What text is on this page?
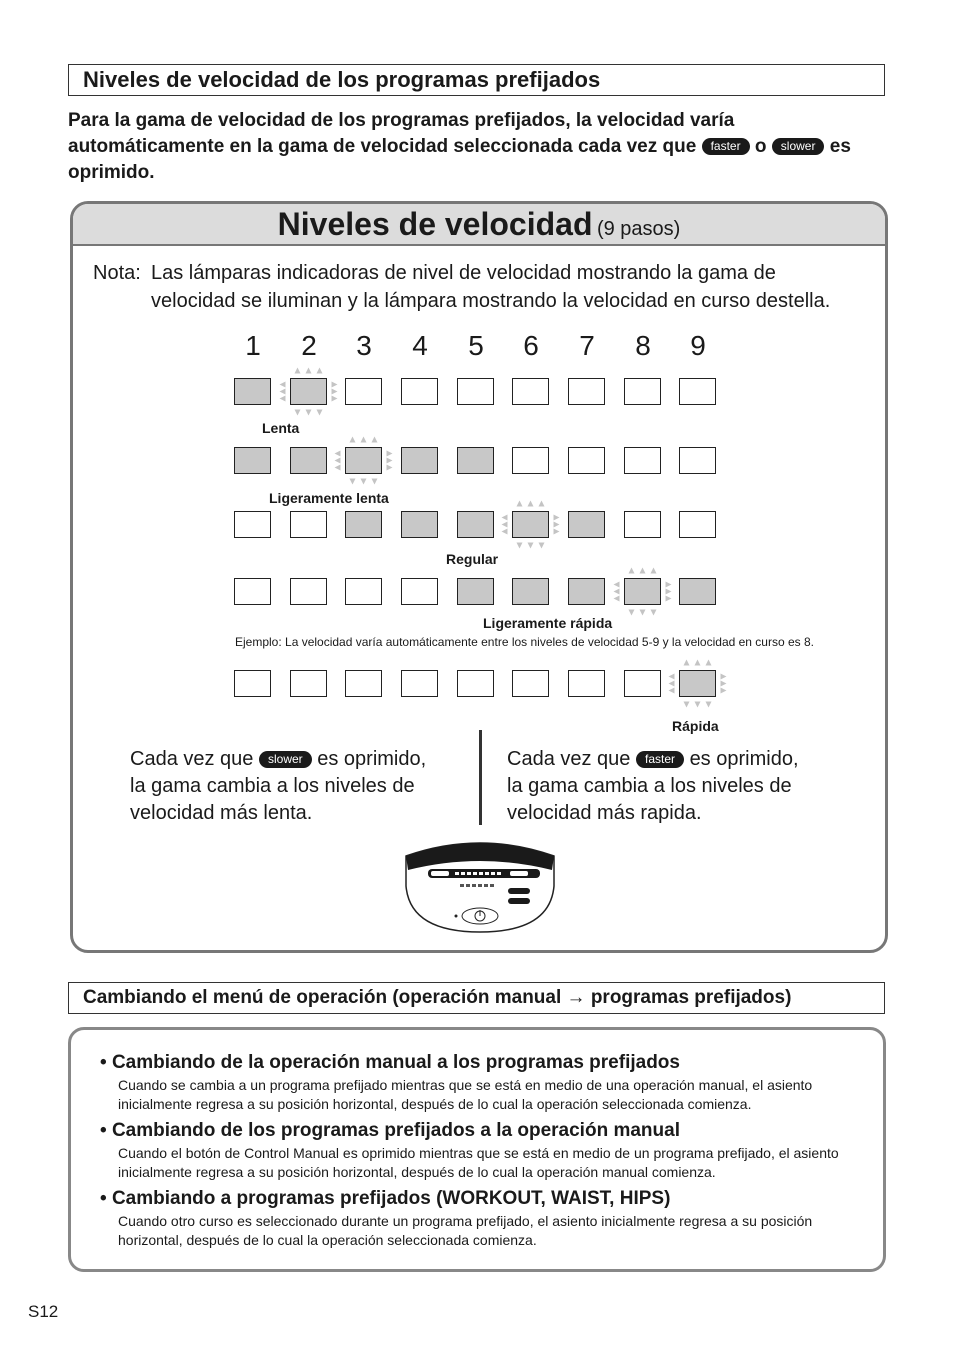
Niveles de velocidad de los programas prefijados
Para la gama de velocidad de los programas prefijados, la velocidad varía automáticamente en la gama de velocidad seleccionada cada vez que faster o slower es oprimido.
Niveles de velocidad (9 pasos)
Nota: Las lámparas indicadoras de nivel de velocidad mostrando la gama de
velocidad se iluminan y la lámpara mostrando la velocidad en curso destella.
1	2	3	4	5	6	7	8	9
Lenta
Ligeramente lenta
Regular
Ligeramente rápida
Ejemplo: La velocidad varía automáticamente entre los niveles de velocidad 5-9 y la velocidad en curso es 8.
Rápida
Cada vez que slower es oprimido,
la gama cambia a los niveles de
velocidad más lenta.
Cada vez que faster es oprimido,
la gama cambia a los niveles de
velocidad más rapida.
Cambiando el menú de operación (operación manual → programas prefijados)
• Cambiando de la operación manual a los programas prefijados
Cuando se cambia a un programa prefijado mientras que se está en medio de una operación manual, el asiento inicialmente regresa a su posición horizontal, después de lo cual la operación seleccionada comienza.
• Cambiando de los programas prefijados a la operación manual
Cuando el botón de Control Manual es oprimido mientras que se está en medio de un programa prefijado, el asiento inicialmente regresa a su posición horizontal, después de lo cual la operación manual comienza.
• Cambiando a programas prefijados (WORKOUT, WAIST, HIPS)
Cuando otro curso es seleccionado durante un programa prefijado, el asiento inicialmente regresa a su posición horizontal, después de lo cual la operación seleccionada comienza.
S12
